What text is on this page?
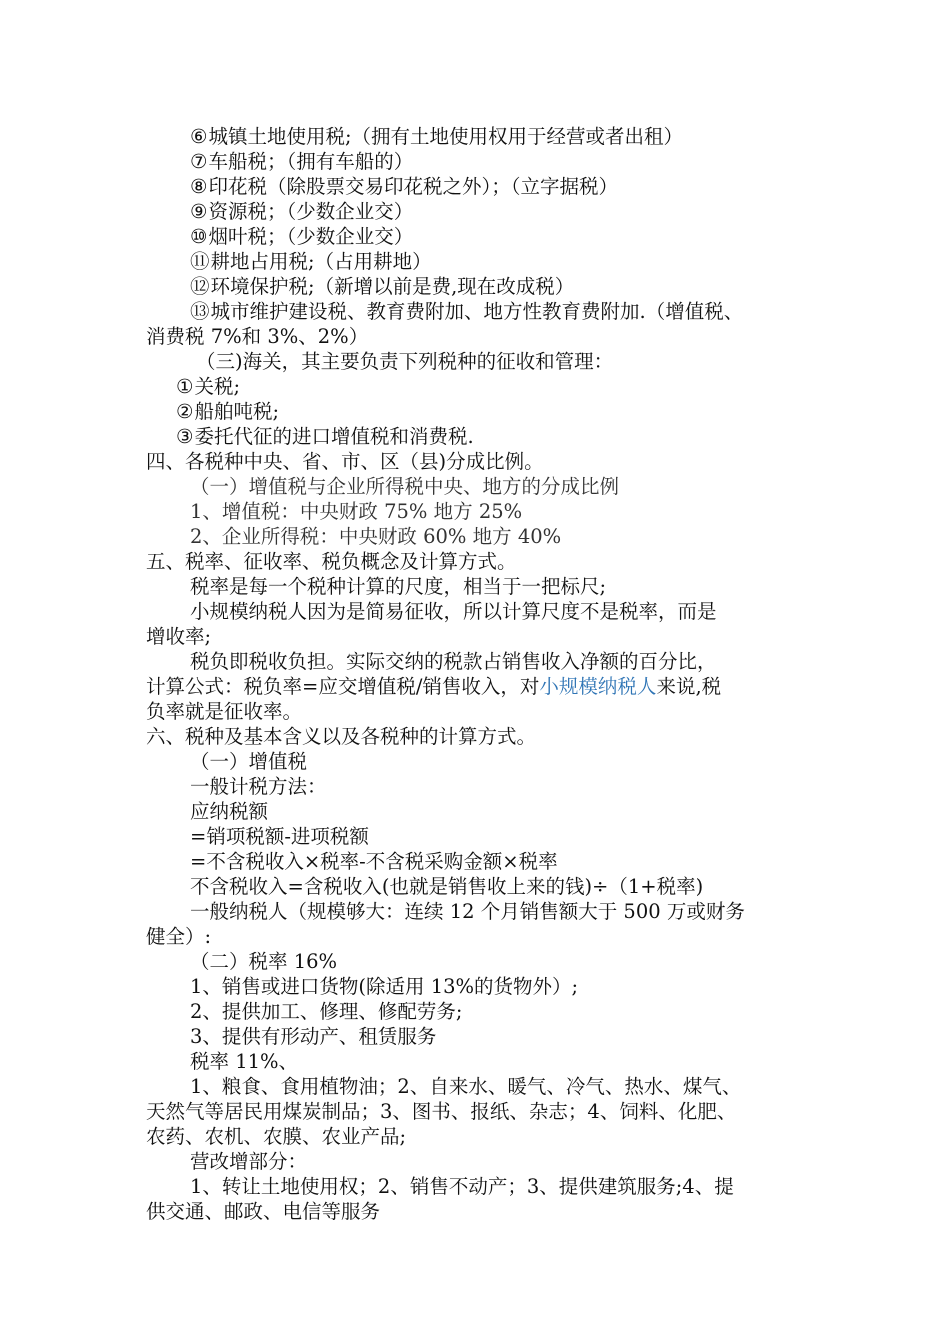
⑥城镇土地使用税;（拥有土地使用权用于经营或者出租）
⑦车船税；（拥有车船的）
⑧印花税（除股票交易印花税之外）；（立字据税）
⑨资源税；（少数企业交）
⑩烟叶税；（少数企业交）
⑪耕地占用税;（占用耕地）
⑫环境保护税;（新增以前是费,现在改成税）
⑬城市维护建设税、教育费附加、地方性教育费附加.（增值税、
消费税 7%和 3%、2%）
（三)海关，其主要负责下列税种的征收和管理：
①关税;
②船舶吨税;
③委托代征的进口增值税和消费税.
四、各税种中央、省、市、区（县)分成比例。
（一）增值税与企业所得税中央、地方的分成比例
1、增值税：中央财政 75% 地方 25%
2、企业所得税：中央财政 60% 地方 40%
五、税率、征收率、税负概念及计算方式。
税率是每一个税种计算的尺度，相当于一把标尺;
小规模纳税人因为是简易征收，所以计算尺度不是税率，而是
增收率;
税负即税收负担。实际交纳的税款占销售收入净额的百分比，
计算公式：税负率=应交增值税/销售收入，对小规模纳税人来说,税
负率就是征收率。
六、税种及基本含义以及各税种的计算方式。
（一）增值税
一般计税方法：
应纳税额
=销项税额-进项税额
=不含税收入×税率-不含税采购金额×税率
不含税收入=含税收入(也就是销售收上来的钱)÷（1+税率)
一般纳税人（规模够大：连续 12 个月销售额大于 500 万或财务
健全）:
（二）税率 16%
1、销售或进口货物(除适用 13%的货物外）;
2、提供加工、修理、修配劳务;
3、提供有形动产、租赁服务
税率 11%、
1、粮食、食用植物油；2、自来水、暖气、冷气、热水、煤气、
天然气等居民用煤炭制品；3、图书、报纸、杂志；4、饲料、化肥、
农药、农机、农膜、农业产品;
营改增部分：
1、转让土地使用权；2、销售不动产；3、提供建筑服务;4、提
供交通、邮政、电信等服务
